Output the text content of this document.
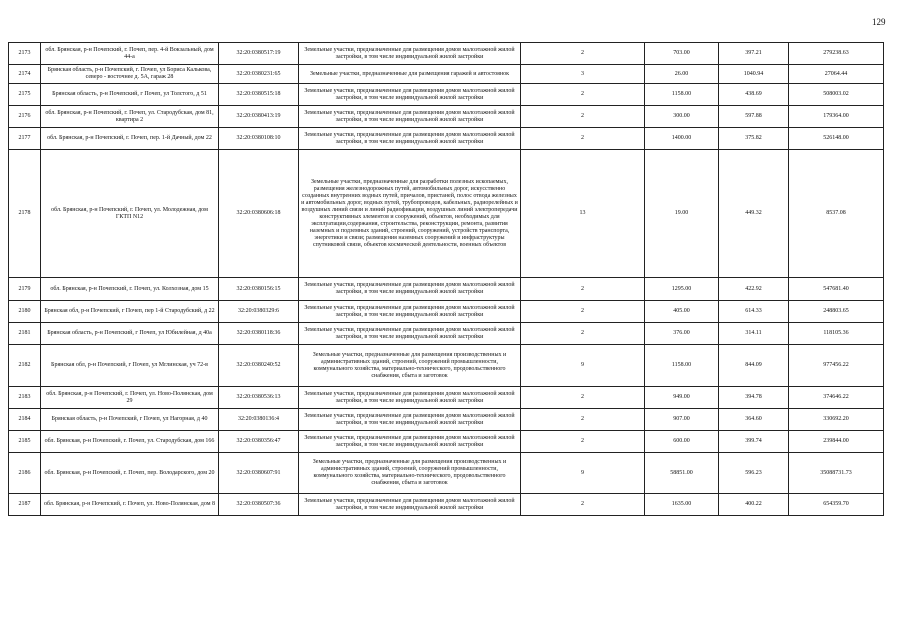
129
2173	обл. Брянская, р-н Почепский, г. Почеп, пер. 4-й Вокзальный, дом 44-а	32:20:0380517:19	Земельные участки, предназначенные для размещения домов малоэтажной жилой застройки, в том числе индивидуальной жилой застройки	2	703.00	397.21	279238.63
2174	Брянская область, р-н Почепский, г. Почеп, ул Бориса Калькова, северо - восточнее д. 5А, гараж 28	32:20:0380231:65	Земельные участки, предназначенные для размещения гаражей и автостоянок	3	26.00	1040.94	27064.44
2175	Брянская область, р-н Почепский, г Почеп, ул Толстого, д 51	32:20:0380515:18	Земельные участки, предназначенные для размещения домов малоэтажной жилой застройки, в том числе индивидуальной жилой застройки	2	1158.00	438.69	508003.02
2176	обл. Брянская, р-н Почепский, г. Почеп, ул. Стародубская, дом 81, квартира 2	32:20:0380413:19	Земельные участки, предназначенные для размещения домов малоэтажной жилой застройки, в том числе индивидуальной жилой застройки	2	300.00	597.88	179364.00
2177	обл. Брянская, р-н Почепский, г. Почеп, пер. 1-й Дачный, дом 22	32:20:0380108:10	Земельные участки, предназначенные для размещения домов малоэтажной жилой застройки, в том числе индивидуальной жилой застройки	2	1400.00	375.82	526148.00
2178	обл. Брянская, р-н Почепский, г. Почеп, ул. Молодежная, дом ГКТП N12	32:20:0380606:18	Земельные участки, предназначенные для разработки полезных ископаемых, размещения железнодорожных путей, автомобильных дорог, искусственно созданных внутренних водных путей, причалов, пристаней, полос отвода железных и автомобильных дорог, водных путей, трубопроводов, кабельных, радиорелейных и воздушных линий связи и линий радиофикации, воздушных линий электропередачи конструктивных элементов и сооружений, объектов, необходимых для эксплуатации,содержания, строительства, реконструкции, ремонта, развития наземных и подземных зданий, строений, сооружений, устройств транспорта, энергетики и связи; размещения наземных сооружений и инфраструктуры спутниковой связи, объектов космической деятельности, военных объектов	13	19.00	449.32	8537.08
2179	обл. Брянская, р-н Почепский, г. Почеп, ул. Колхозная, дом 15	32:20:0380156:15	Земельные участки, предназначенные для размещения домов малоэтажной жилой застройки, в том числе индивидуальной жилой застройки	2	1295.00	422.92	547681.40
2180	Брянская обл, р-н Почепский, г Почеп, пер 1-й Стародубский, д 22	32:20:0380329:6	Земельные участки, предназначенные для размещения домов малоэтажной жилой застройки, в том числе индивидуальной жилой застройки	2	405.00	614.33	248803.65
2181	Брянская область, р-н Почепский, г Почеп, ул Юбилейная, д 40а	32:20:0380118:36	Земельные участки, предназначенные для размещения домов малоэтажной жилой застройки, в том числе индивидуальной жилой застройки	2	376.00	314.11	118105.36
2182	Брянская обл, р-н Почепский, г Почеп, ул Мглинская, уч 72-в	32:20:0380240:52	Земельные участки, предназначенные для размещения производственных и административных зданий, строений, сооружений промышленности, коммунального хозяйства, материально-технического, продовольственного снабжения, сбыта и заготовок	9	1158.00	844.09	977456.22
2183	обл. Брянская, р-н Почепский, г. Почеп, ул. Ново-Полянская, дом 29	32:20:0380536:13	Земельные участки, предназначенные для размещения домов малоэтажной жилой застройки, в том числе индивидуальной жилой застройки	2	949.00	394.78	374646.22
2184	Брянская область, р-н Почепский, г Почеп, ул Нагорная, д 40	32:20:0380136:4	Земельные участки, предназначенные для размещения домов малоэтажной жилой застройки, в том числе индивидуальной жилой застройки	2	907.00	364.60	330692.20
2185	обл. Брянская, р-н Почепский, г. Почеп, ул. Стародубская, дом 166	32:20:0380356:47	Земельные участки, предназначенные для размещения домов малоэтажной жилой застройки, в том числе индивидуальной жилой застройки	2	600.00	399.74	239844.00
2186	обл. Брянская, р-н Почепский, г. Почеп, пер. Володарского, дом 20	32:20:0380607:91	Земельные участки, предназначенные для размещения производственных и административных зданий, строений, сооружений промышленности, коммунального хозяйства, материально-технического, продовольственного снабжения, сбыта и заготовок	9	58851.00	596.23	35088731.73
2187	обл. Брянская, р-н Почепский, г. Почеп, ул. Ново-Полянская, дом 8	32:20:0380507:36	Земельные участки, предназначенные для размещения домов малоэтажной жилой застройки, в том числе индивидуальной жилой застройки	2	1635.00	400.22	654359.70
